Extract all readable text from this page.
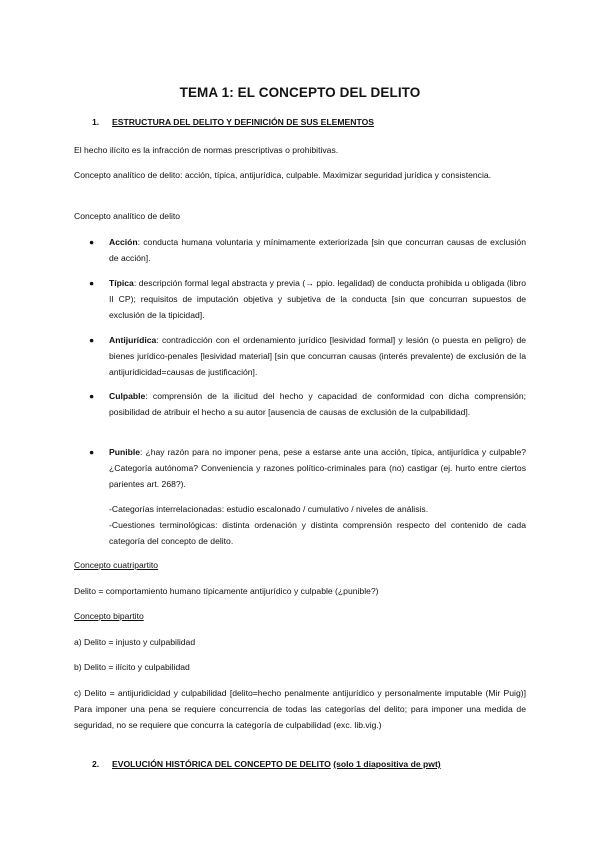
TEMA 1: EL CONCEPTO DEL DELITO
1. ESTRUCTURA DEL DELITO Y DEFINICIÓN DE SUS ELEMENTOS
El hecho ilícito es la infracción de normas prescriptivas o prohibitivas.
Concepto analítico de delito: acción, típica, antijurídica, culpable. Maximizar seguridad jurídica y consistencia.
Concepto analítico de delito
● Acción: conducta humana voluntaria y mínimamente exteriorizada [sin que concurran causas de exclusión de acción].
● Típica: descripción formal legal abstracta y previa (→ ppio. legalidad) de conducta prohibida u obligada (libro II CP); requisitos de imputación objetiva y subjetiva de la conducta [sin que concurran supuestos de exclusión de la tipicidad].
● Antijurídica: contradicción con el ordenamiento jurídico [lesividad formal] y lesión (o puesta en peligro) de bienes jurídico-penales [lesividad material] [sin que concurran causas (interés prevalente) de exclusión de la antijuridicidad=causas de justificación].
● Culpable: comprensión de la ilicitud del hecho y capacidad de conformidad con dicha comprensión; posibilidad de atribuir el hecho a su autor [ausencia de causas de exclusión de la culpabilidad].
● Punible: ¿hay razón para no imponer pena, pese a estarse ante una acción, típica, antijurídica y culpable? ¿Categoría autónoma? Conveniencia y razones político-criminales para (no) castigar (ej. hurto entre ciertos parientes art. 268?).
-Categorías interrelacionadas: estudio escalonado / cumulativo / niveles de análisis.
-Cuestiones terminológicas: distinta ordenación y distinta comprensión respecto del contenido de cada categoría del concepto de delito.
Concepto cuatripartito
Delito = comportamiento humano típicamente antijurídico y culpable (¿punible?)
Concepto bipartito
a) Delito = injusto y culpabilidad
b) Delito = ilícito y culpabilidad
c) Delito = antijuridicidad y culpabilidad [delito=hecho penalmente antijurídico y personalmente imputable (Mir Puig)] Para imponer una pena se requiere concurrencia de todas las categorías del delito; para imponer una medida de seguridad, no se requiere que concurra la categoría de culpabilidad (exc. lib.vig.)
2. EVOLUCIÓN HISTÓRICA DEL CONCEPTO DE DELITO (solo 1 diapositiva de pwt)
